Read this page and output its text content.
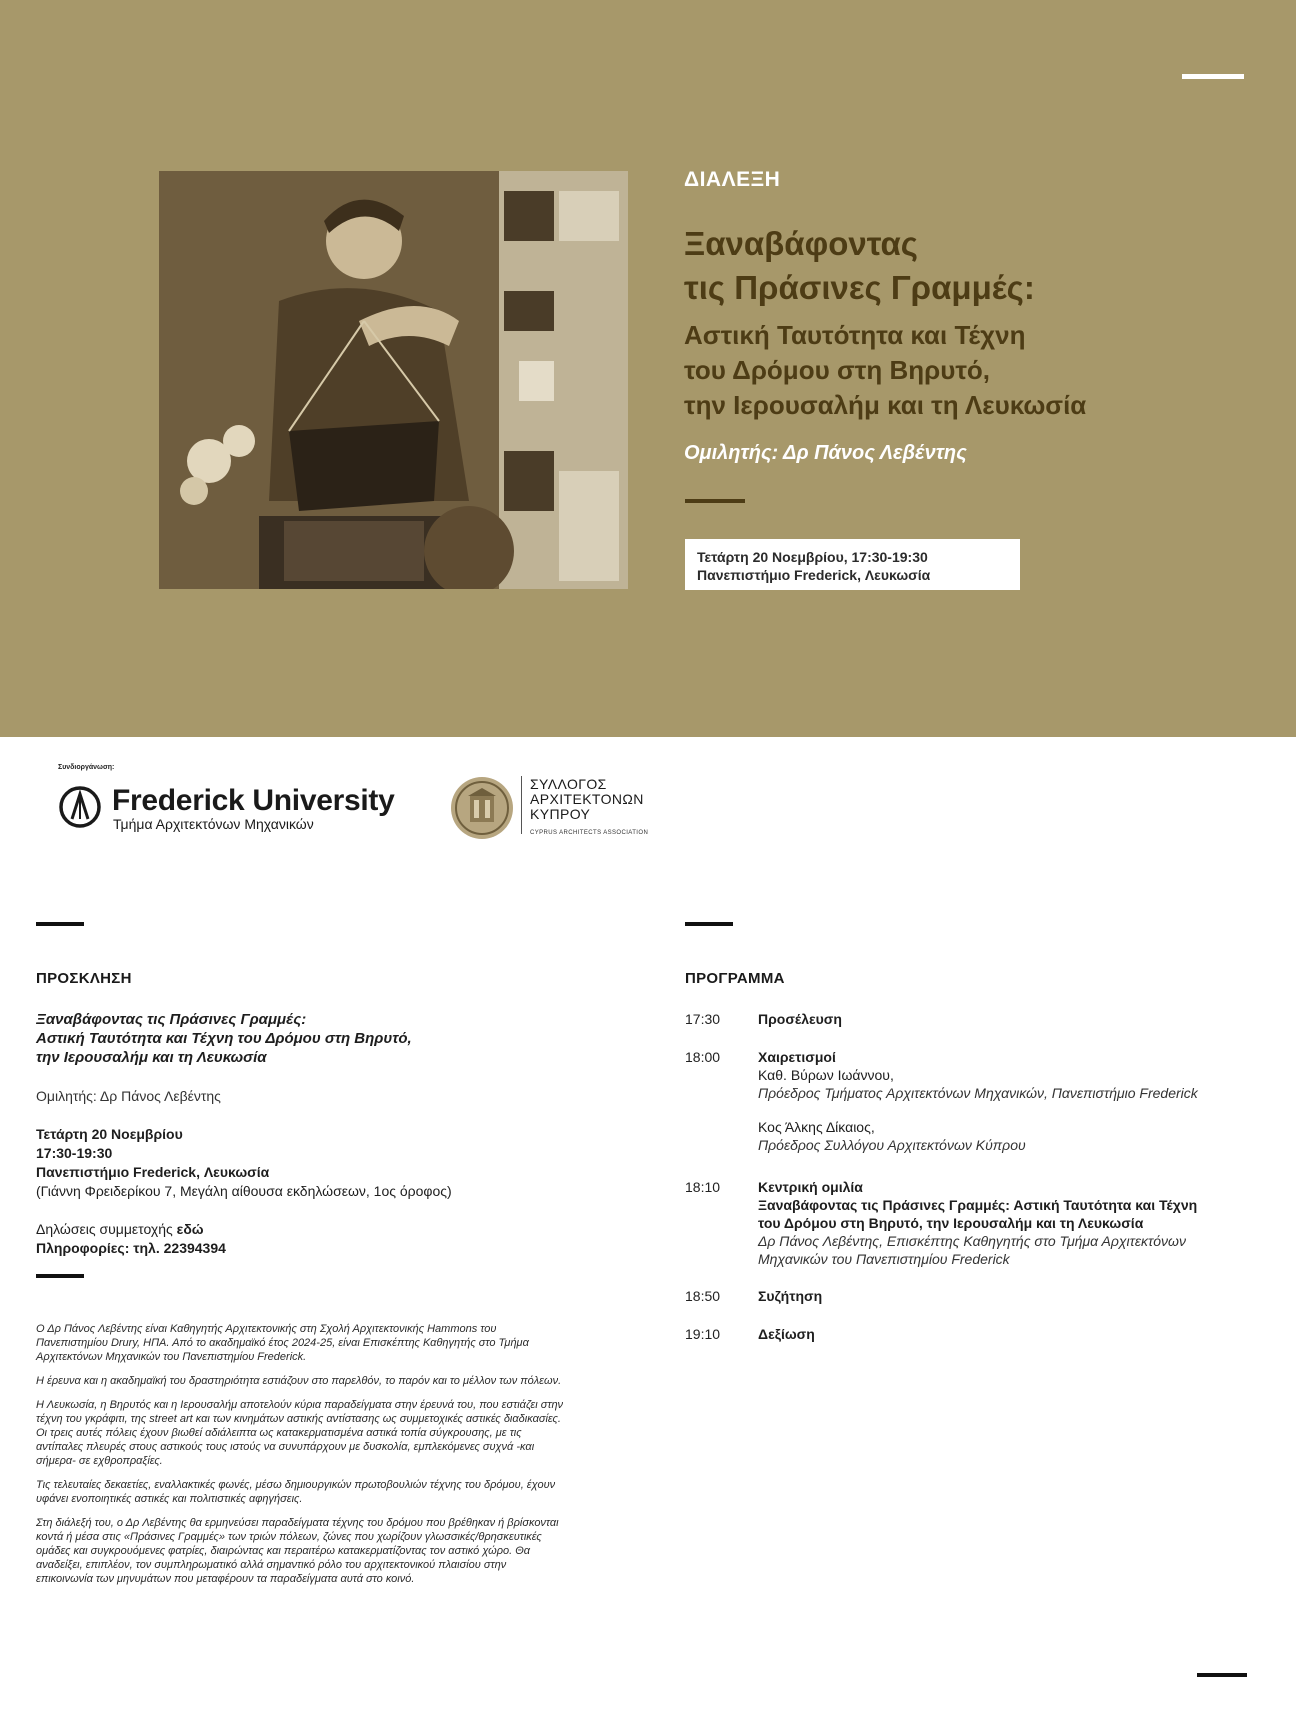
ΔΙΑΛΕΞΗ
Ξαναβάφοντας
τις Πράσινες Γραμμές:
Αστική Ταυτότητα και Τέχνη
του Δρόμου στη Βηρυτό,
την Ιερουσαλήμ και τη Λευκωσία
Ομιλητής: Δρ Πάνος Λεβέντης
Τετάρτη 20 Νοεμβρίου, 17:30-19:30
Πανεπιστήμιο Frederick, Λευκωσία
Συνδιοργάνωση:
Frederick University
Τμήμα Αρχιτεκτόνων Μηχανικών
ΣΥΛΛΟΓΟΣ
ΑΡΧΙΤΕΚΤΟΝΩΝ
ΚΥΠΡΟΥ
CYPRUS ARCHITECTS ASSOCIATION
ΠΡΟΣΚΛΗΣΗ
Ξαναβάφοντας τις Πράσινες Γραμμές:
Αστική Ταυτότητα και Τέχνη του Δρόμου στη Βηρυτό,
την Ιερουσαλήμ και τη Λευκωσία
Ομιλητής: Δρ Πάνος Λεβέντης
Τετάρτη 20 Νοεμβρίου
17:30-19:30
Πανεπιστήμιο Frederick, Λευκωσία
(Γιάννη Φρειδερίκου 7, Μεγάλη αίθουσα εκδηλώσεων, 1ος όροφος)
Δηλώσεις συμμετοχής εδώ
Πληροφορίες: τηλ. 22394394

Ο Δρ Πάνος Λεβέντης είναι Καθηγητής Αρχιτεκτονικής στη Σχολή Αρχιτεκτονικής Hammons του Πανεπιστημίου Drury, ΗΠΑ. Από το ακαδημαϊκό έτος 2024-25, είναι Επισκέπτης Καθηγητής στο Τμήμα Αρχιτεκτόνων Μηχανικών του Πανεπιστημίου Frederick.

Η έρευνα και η ακαδημαϊκή του δραστηριότητα εστιάζουν στο παρελθόν, το παρόν και το μέλλον των πόλεων.

Η Λευκωσία, η Βηρυτός και η Ιερουσαλήμ αποτελούν κύρια παραδείγματα στην έρευνά του, που εστιάζει στην τέχνη του γκράφιτι, της street art και των κινημάτων αστικής αντίστασης ως συμμετοχικές αστικές διαδικασίες. Οι τρεις αυτές πόλεις έχουν βιωθεί αδιάλειπτα ως κατακερματισμένα αστικά τοπία σύγκρουσης, με τις αντίπαλες πλευρές στους αστικούς τους ιστούς να συνυπάρχουν με δυσκολία, εμπλεκόμενες συχνά -και σήμερα- σε εχθροπραξίες.

Τις τελευταίες δεκαετίες, εναλλακτικές φωνές, μέσω δημιουργικών πρωτοβουλιών τέχνης του δρόμου, έχουν υφάνει ενοποιητικές αστικές και πολιτιστικές αφηγήσεις.

Στη διάλεξή του, ο Δρ Λεβέντης θα ερμηνεύσει παραδείγματα τέχνης του δρόμου που βρέθηκαν ή βρίσκονται κοντά ή μέσα στις «Πράσινες Γραμμές» των τριών πόλεων, ζώνες που χωρίζουν γλωσσικές/θρησκευτικές ομάδες και συγκρουόμενες φατρίες, διαιρώντας και περαιτέρω κατακερματίζοντας τον αστικό χώρο. Θα αναδείξει, επιπλέον, τον συμπληρωματικό αλλά σημαντικό ρόλο του αρχιτεκτονικού πλαισίου στην επικοινωνία των μηνυμάτων που μεταφέρουν τα παραδείγματα αυτά στο κοινό.

ΠΡΟΓΡΑΜΜΑ
17:30	Προσέλευση
18:00	Χαιρετισμοί
Καθ. Βύρων Ιωάννου,
Πρόεδρος Τμήματος Αρχιτεκτόνων Μηχανικών, Πανεπιστήμιο Frederick
Κος Άλκης Δίκαιος,
Πρόεδρος Συλλόγου Αρχιτεκτόνων Κύπρου
18:10	Κεντρική ομιλία
Ξαναβάφοντας τις Πράσινες Γραμμές: Αστική Ταυτότητα και Τέχνη
του Δρόμου στη Βηρυτό, την Ιερουσαλήμ και τη Λευκωσία
Δρ Πάνος Λεβέντης, Επισκέπτης Καθηγητής στο Τμήμα Αρχιτεκτόνων
Μηχανικών του Πανεπιστημίου Frederick
18:50	Συζήτηση
19:10	Δεξίωση
